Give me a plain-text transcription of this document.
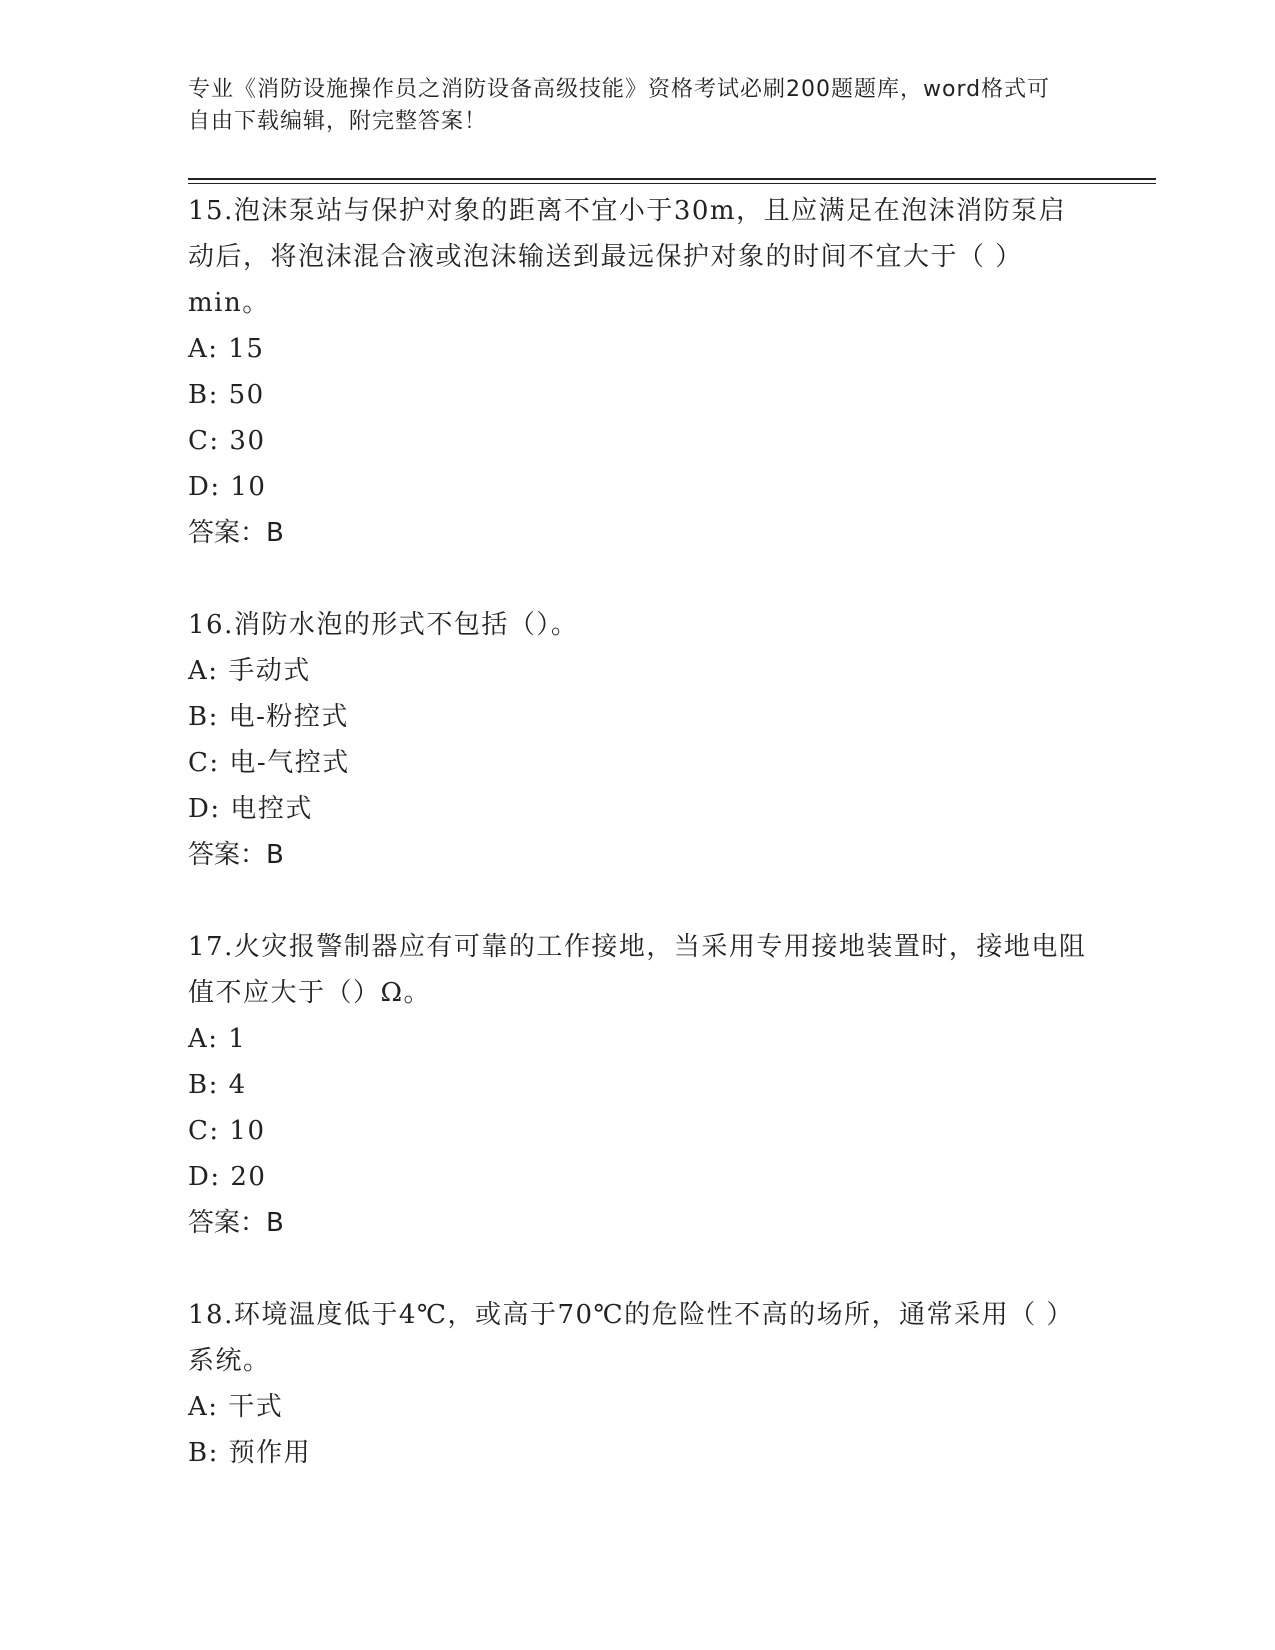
专业《消防设施操作员之消防设备高级技能》资格考试必刷200题题库，word格式可自由下载编辑，附完整答案！

15.泡沫泵站与保护对象的距离不宜小于30m，且应满足在泡沫消防泵启动后，将泡沫混合液或泡沫输送到最远保护对象的时间不宜大于（ ）min。

A: 15

B: 50

C: 30

D: 10

答案：B

16.消防水泡的形式不包括（）。

A: 手动式

B: 电-粉控式

C: 电-气控式

D: 电控式

答案：B

17.火灾报警制器应有可靠的工作接地，当采用专用接地装置时，接地电阻值不应大于（）Ω。

A: 1

B: 4

C: 10

D: 20

答案：B

18.环境温度低于4℃，或高于70℃的危险性不高的场所，通常采用（ ）系统。

A: 干式

B: 预作用
